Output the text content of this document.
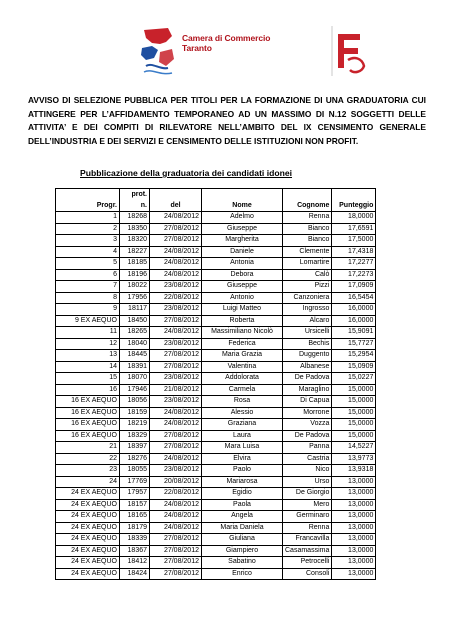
Camera di Commercio
Taranto
AVVISO DI SELEZIONE PUBBLICA PER TITOLI PER LA FORMAZIONE DI UNA GRADUATORIA CUI ATTINGERE PER L’AFFIDAMENTO TEMPORANEO AD UN MASSIMO DI N.12 SOGGETTI DELLE ATTIVITA’ E DEI COMPITI DI RILEVATORE NELL’AMBITO DEL IX CENSIMENTO GENERALE DELL’INDUSTRIA E DEI SERVIZI E CENSIMENTO DELLE ISTITUZIONI NON PROFIT.
Pubblicazione della graduatoria dei candidati idonei
	prot.				
Progr.	n.	del	Nome	Cognome	Punteggio
1	18268	24/08/2012	Adelmo	Renna	18,0000
2	18350	27/08/2012	Giuseppe	Bianco	17,6591
3	18320	27/08/2012	Margherita	Bianco	17,5000
4	18227	24/08/2012	Daniele	Clemente	17,4318
5	18185	24/08/2012	Antonia	Lomartire	17,2277
6	18196	24/08/2012	Debora	Calò	17,2273
7	18022	23/08/2012	Giuseppe	Pizzi	17,0909
8	17956	22/08/2012	Antonio	Canzoniera	16,5454
9	18117	23/08/2012	Luigi Matteo	Ingrosso	16,0000
9 EX AEQUO	18450	27/08/2012	Roberta	Alcaro	16,0000
11	18265	24/08/2012	Massimiliano Nicolò	Ursicelli	15,9091
12	18040	23/08/2012	Federica	Bechis	15,7727
13	18445	27/08/2012	Maria Grazia	Duggento	15,2954
14	18391	27/08/2012	Valentina	Albanese	15,0909
15	18070	23/08/2012	Addolorata	De Padova	15,0227
16	17946	21/08/2012	Carmela	Maraglino	15,0000
16 EX AEQUO	18056	23/08/2012	Rosa	Di Capua	15,0000
16 EX AEQUO	18159	24/08/2012	Alessio	Morrone	15,0000
16 EX AEQUO	18219	24/08/2012	Graziana	Vozza	15,0000
16 EX AEQUO	18329	27/08/2012	Laura	De Padova	15,0000
21	18397	27/08/2012	Mara Luisa	Panna	14,5227
22	18276	24/08/2012	Elvira	Castria	13,9773
23	18055	23/08/2012	Paolo	Nico	13,9318
24	17769	20/08/2012	Mariarosa	Urso	13,0000
24 EX AEQUO	17957	22/08/2012	Egidio	De Giorgio	13,0000
24 EX AEQUO	18157	24/08/2012	Paola	Mero	13,0000
24 EX AEQUO	18165	24/08/2012	Angela	Germinaro	13,0000
24 EX AEQUO	18179	24/08/2012	Maria Daniela	Renna	13,0000
24 EX AEQUO	18339	27/08/2012	Giuliana	Francavilla	13,0000
24 EX AEQUO	18367	27/08/2012	Giampiero	Casamassima	13,0000
24 EX AEQUO	18412	27/08/2012	Sabatino	Petrocelli	13,0000
24 EX AEQUO	18424	27/08/2012	Enrico	Consoli	13,0000
